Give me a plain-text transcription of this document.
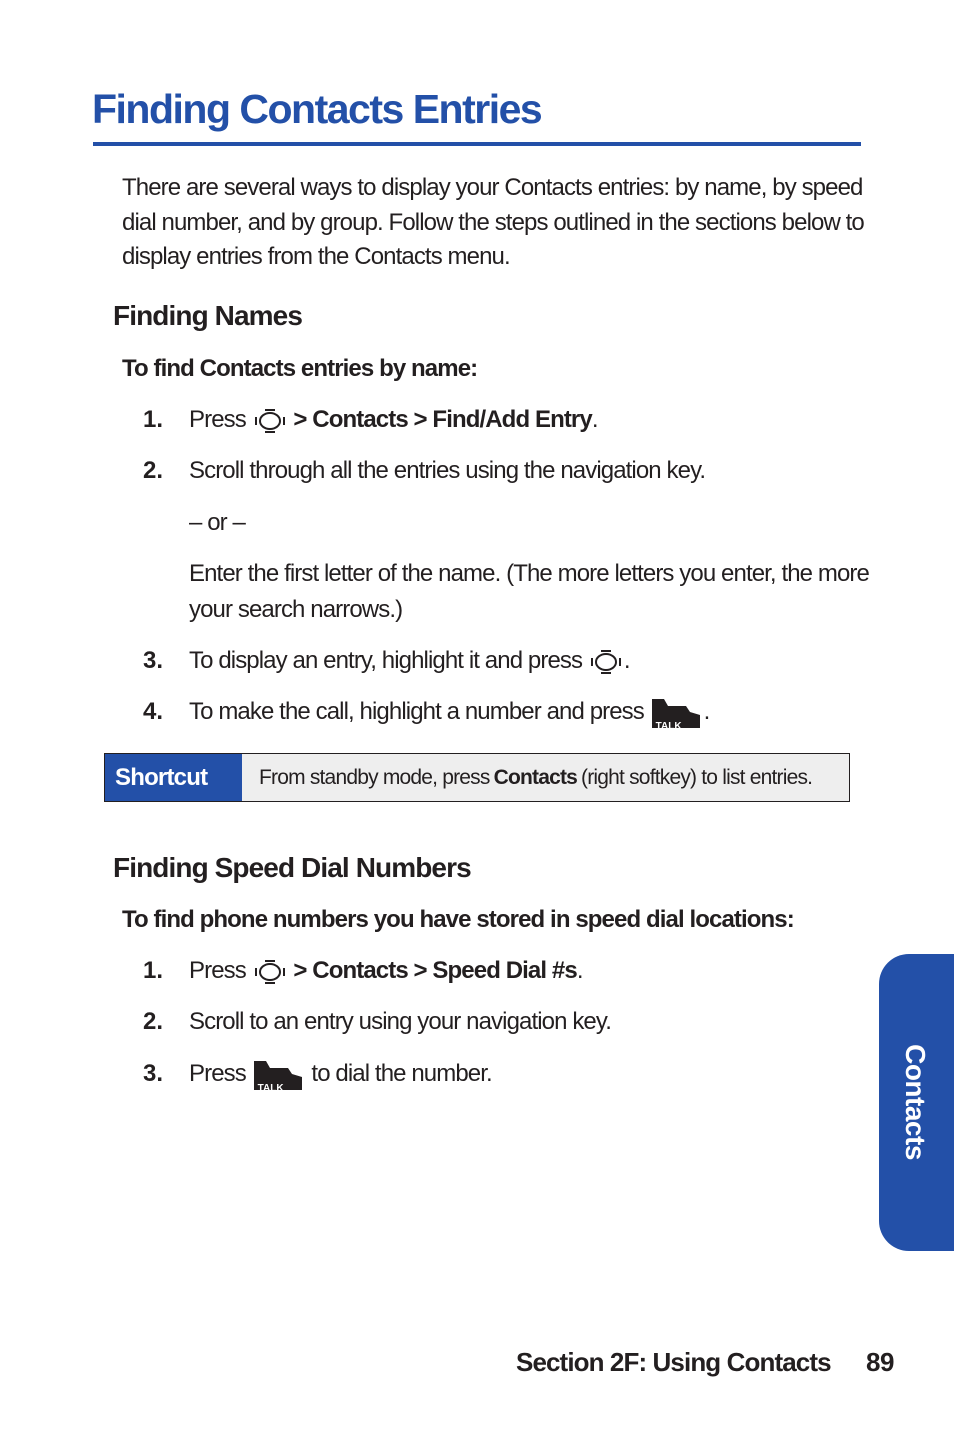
Finding Contacts Entries

There are several ways to display your Contacts entries: by name, by speed dial number, and by group. Follow the steps outlined in the sections below to display entries from the Contacts menu.

Finding Names

To find Contacts entries by name:

1. Press > Contacts > Find/Add Entry.
2. Scroll through all the entries using the navigation key.
– or –
Enter the first letter of the name. (The more letters you enter, the more your search narrows.)
3. To display an entry, highlight it and press .
4. To make the call, highlight a number and press
TALK
.
Shortcut	From standby mode, press Contacts (right softkey) to list entries.
Finding Speed Dial Numbers

To find phone numbers you have stored in speed dial locations:

1. Press > Contacts > Speed Dial #s.
2. Scroll to an entry using your navigation key.
3. Press
TALK
to dial the number.	Contacts
Section 2F: Using Contacts 89
